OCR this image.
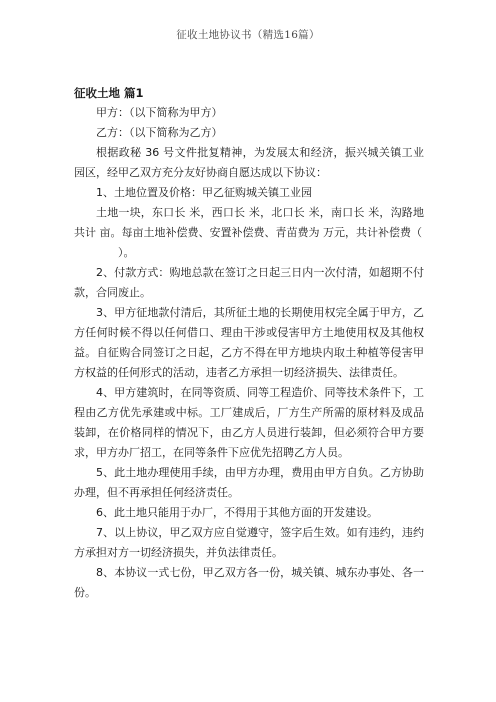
征收土地协议书（精选16篇）

征收土地 篇1

甲方：（以下简称为甲方）

乙方：（以下简称为乙方）

根据政秘 36 号文件批复精神，为发展太和经济，振兴城关镇工业园区，经甲乙双方充分友好协商自愿达成以下协议：

1、土地位置及价格：甲乙征购城关镇工业园

土地一块，东口长 米，西口长 米，北口长 米，南口长 米，沟路地共计 亩。每亩土地补偿费、安置补偿费、青苗费为 万元，共计补偿费（

）。

2、付款方式：购地总款在签订之日起三日内一次付清，如超期不付款，合同废止。

3、甲方征地款付清后，其所征土地的长期使用权完全属于甲方，乙方任何时候不得以任何借口、理由干涉或侵害甲方土地使用权及其他权益。自征购合同签订之日起，乙方不得在甲方地块内取土种植等侵害甲方权益的任何形式的活动，违者乙方承担一切经济损失、法律责任。

4、甲方建筑时，在同等资质、同等工程造价、同等技术条件下，工程由乙方优先承建或中标。工厂建成后，厂方生产所需的原材料及成品装卸，在价格同样的情况下，由乙方人员进行装卸，但必须符合甲方要求，甲方办厂招工，在同等条件下应优先招聘乙方人员。

5、此土地办理使用手续，由甲方办理，费用由甲方自负。乙方协助办理，但不再承担任何经济责任。

6、此土地只能用于办厂，不得用于其他方面的开发建设。

7、以上协议，甲乙双方应自觉遵守，签字后生效。如有违约，违约方承担对方一切经济损失，并负法律责任。

8、本协议一式七份，甲乙双方各一份，城关镇、城东办事处、各一份。
